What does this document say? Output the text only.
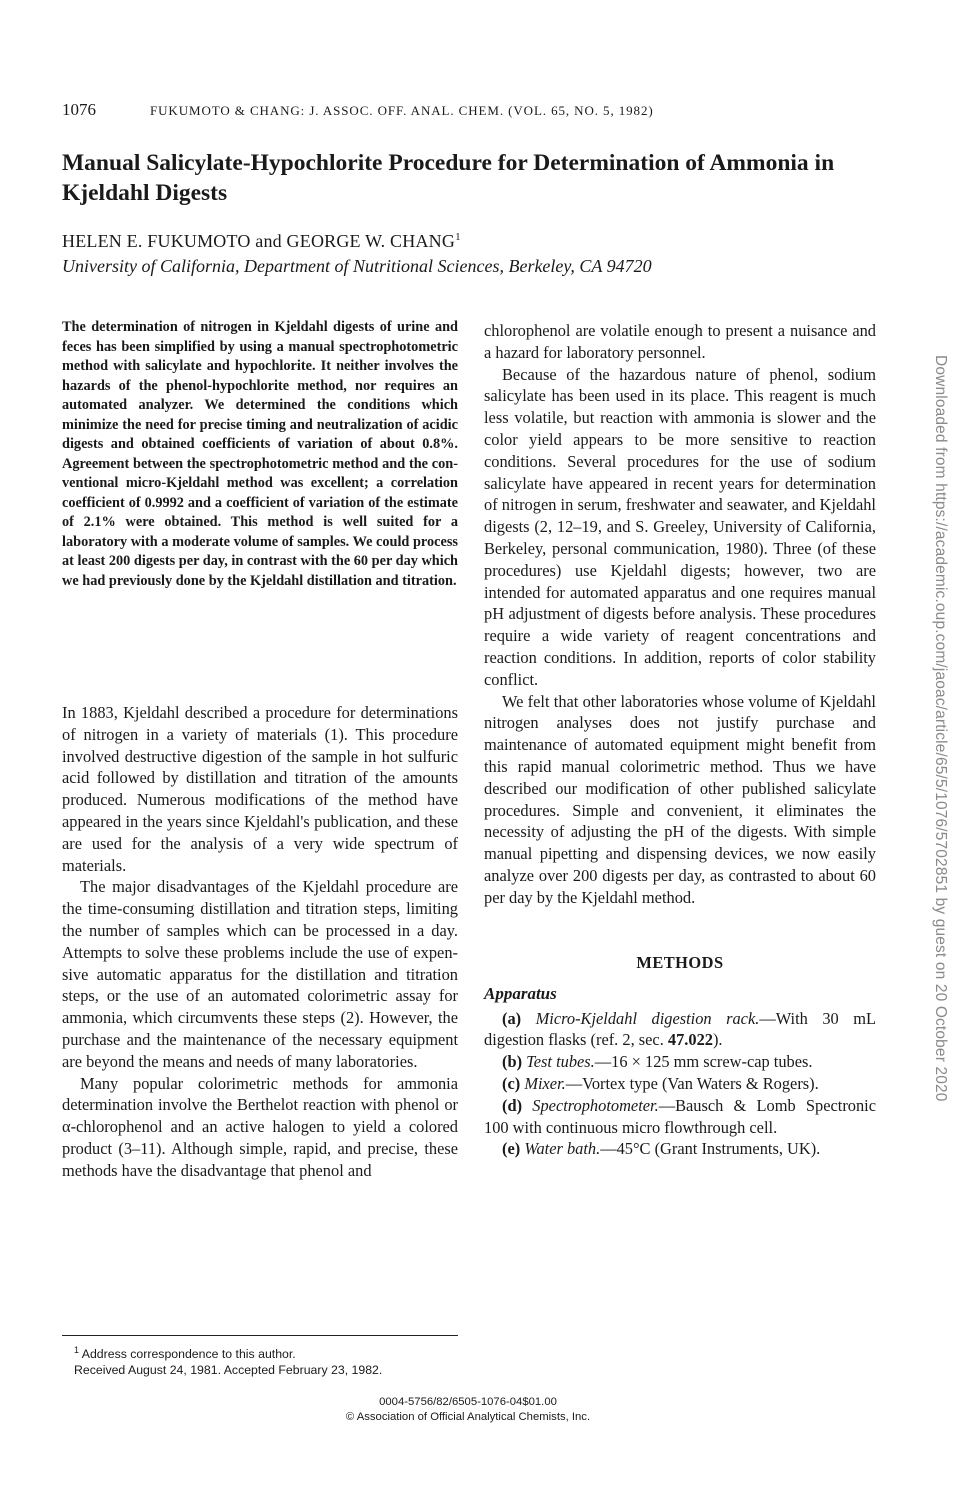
1076	FUKUMOTO & CHANG: J. ASSOC. OFF. ANAL. CHEM. (VOL. 65, NO. 5, 1982)
Manual Salicylate-Hypochlorite Procedure for Determination of Ammonia in Kjeldahl Digests
HELEN E. FUKUMOTO and GEORGE W. CHANG$^1$
University of California, Department of Nutritional Sciences, Berkeley, CA 94720

The determination of nitrogen in Kjeldahl digests of urine and feces has been simplified by using a manual spectrophotometric method with salicylate and hypochlorite. It neither involves the hazards of the phenol-hypochlorite method, nor requires an automated analyzer. We determined the conditions which minimize the need for precise timing and neutralization of acidic digests and obtained coefficients of variation of about 0.8%. Agreement between the spectrophotometric method and the conventional micro-Kjeldahl method was excellent; a correlation coefficient of 0.9992 and a coefficient of variation of the estimate of 2.1% were obtained. This method is well suited for a laboratory with a moderate volume of samples. We could process at least 200 digests per day, in contrast with the 60 per day which we had previously done by the Kjeldahl distillation and titration.

In 1883, Kjeldahl described a procedure for determinations of nitrogen in a variety of materials (1). This procedure involved destructive digestion of the sample in hot sulfuric acid followed by distillation and titration of the amounts produced. Numerous modifications of the method have appeared in the years since Kjeldahl's publication, and these are used for the analysis of a very wide spectrum of materials.

The major disadvantages of the Kjeldahl procedure are the time-consuming distillation and titration steps, limiting the number of samples which can be processed in a day. Attempts to solve these problems include the use of expensive automatic apparatus for the distillation and titration steps, or the use of an automated colorimetric assay for ammonia, which circumvents these steps (2). However, the purchase and the maintenance of the necessary equipment are beyond the means and needs of many laboratories.

Many popular colorimetric methods for ammonia determination involve the Berthelot reaction with phenol or α-chlorophenol and an active halogen to yield a colored product (3–11). Although simple, rapid, and precise, these methods have the disadvantage that phenol and

chlorophenol are volatile enough to present a nuisance and a hazard for laboratory personnel.

Because of the hazardous nature of phenol, sodium salicylate has been used in its place. This reagent is much less volatile, but reaction with ammonia is slower and the color yield appears to be more sensitive to reaction conditions. Several procedures for the use of sodium salicylate have appeared in recent years for determination of nitrogen in serum, freshwater and seawater, and Kjeldahl digests (2, 12–19, and S. Greeley, University of California, Berkeley, personal communication, 1980). Three (of these procedures) use Kjeldahl digests; however, two are intended for automated apparatus and one requires manual pH adjustment of digests before analysis. These procedures require a wide variety of reagent concentrations and reaction conditions. In addition, reports of color stability conflict.

We felt that other laboratories whose volume of Kjeldahl nitrogen analyses does not justify purchase and maintenance of automated equipment might benefit from this rapid manual colorimetric method. Thus we have described our modification of other published salicylate procedures. Simple and convenient, it eliminates the necessity of adjusting the pH of the digests. With simple manual pipetting and dispensing devices, we now easily analyze over 200 digests per day, as contrasted to about 60 per day by the Kjeldahl method.

METHODS
Apparatus

(a) Micro-Kjeldahl digestion rack.—With 30 mL digestion flasks (ref. 2, sec. 47.022).

(b) Test tubes.—16 × 125 mm screw-cap tubes.

(c) Mixer.—Vortex type (Van Waters & Rogers).

(d) Spectrophotometer.—Bausch & Lomb Spectronic 100 with continuous micro flowthrough cell.

(e) Water bath.—45°C (Grant Instruments, UK).

$^1$ Address correspondence to this author.
Received August 24, 1981. Accepted February 23, 1982.
0004-5756/82/6505-1076-04$01.00
© Association of Official Analytical Chemists, Inc.
Downloaded from https://academic.oup.com/jaoac/article/65/5/1076/5702851 by guest on 20 October 2020
